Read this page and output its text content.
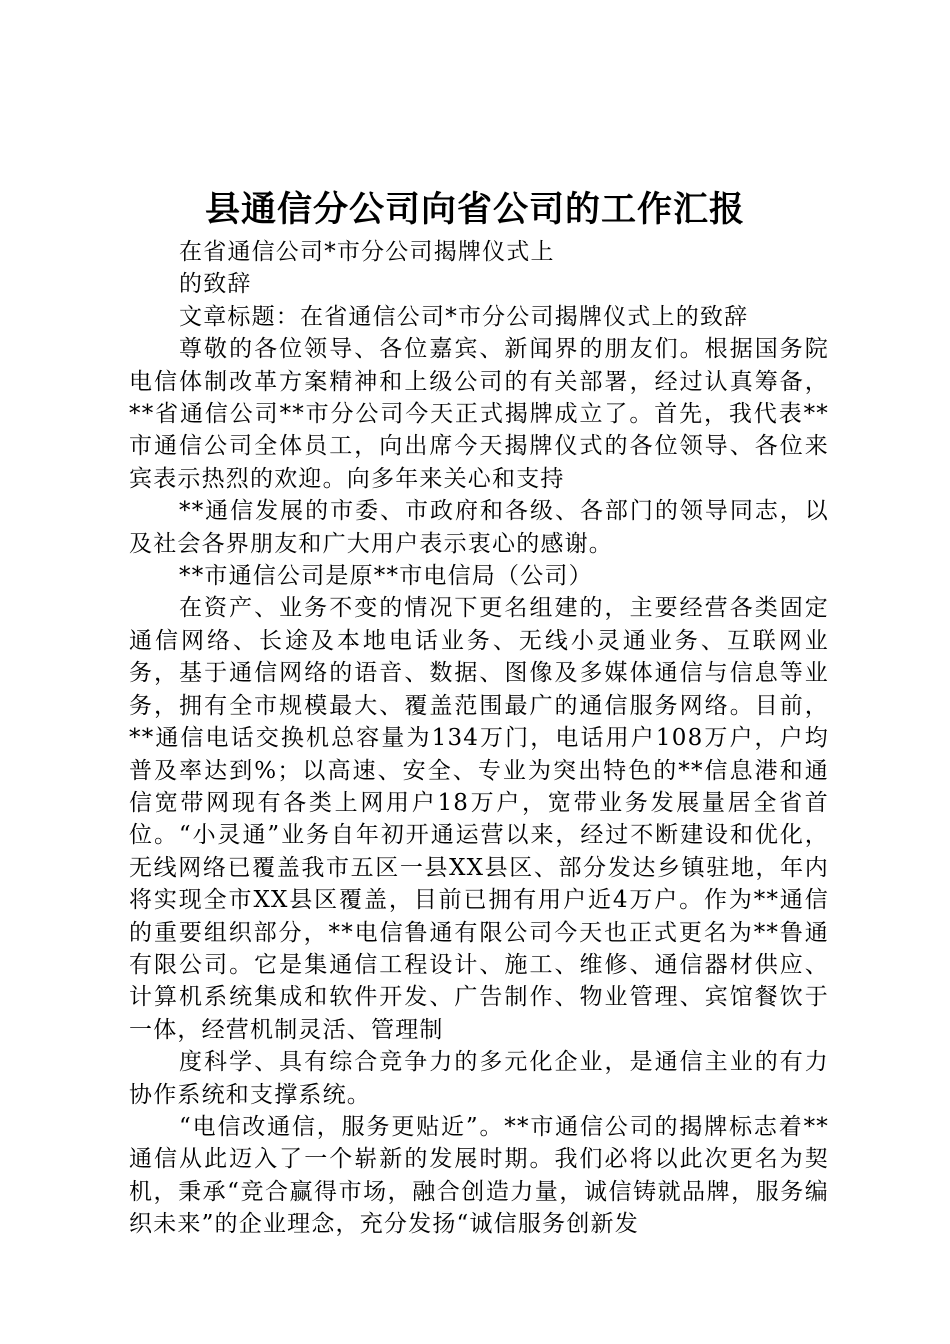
县通信分公司向省公司的工作汇报

在省通信公司*市分公司揭牌仪式上

的致辞

文章标题：在省通信公司*市分公司揭牌仪式上的致辞

尊敬的各位领导、各位嘉宾、新闻界的朋友们。根据国务院电信体制改革方案精神和上级公司的有关部署，经过认真筹备，**省通信公司**市分公司今天正式揭牌成立了。首先，我代表**市通信公司全体员工，向出席今天揭牌仪式的各位领导、各位来宾表示热烈的欢迎。向多年来关心和支持

**通信发展的市委、市政府和各级、各部门的领导同志，以及社会各界朋友和广大用户表示衷心的感谢。

**市通信公司是原**市电信局（公司）

在资产、业务不变的情况下更名组建的，主要经营各类固定通信网络、长途及本地电话业务、无线小灵通业务、互联网业务，基于通信网络的语音、数据、图像及多媒体通信与信息等业务，拥有全市规模最大、覆盖范围最广的通信服务网络。目前，**通信电话交换机总容量为134万门，电话用户108万户，户均普及率达到%；以高速、安全、专业为突出特色的**信息港和通信宽带网现有各类上网用户18万户，宽带业务发展量居全省首位。“小灵通”业务自年初开通运营以来，经过不断建设和优化，无线网络已覆盖我市五区一县XX县区、部分发达乡镇驻地，年内将实现全市XX县区覆盖，目前已拥有用户近4万户。作为**通信的重要组织部分，**电信鲁通有限公司今天也正式更名为**鲁通有限公司。它是集通信工程设计、施工、维修、通信器材供应、计算机系统集成和软件开发、广告制作、物业管理、宾馆餐饮于一体，经营机制灵活、管理制

度科学、具有综合竞争力的多元化企业，是通信主业的有力协作系统和支撑系统。

“电信改通信，服务更贴近”。**市通信公司的揭牌标志着**通信从此迈入了一个崭新的发展时期。我们必将以此次更名为契机，秉承“竞合赢得市场，融合创造力量，诚信铸就品牌，服务编织未来”的企业理念，充分发扬“诚信服务创新发
